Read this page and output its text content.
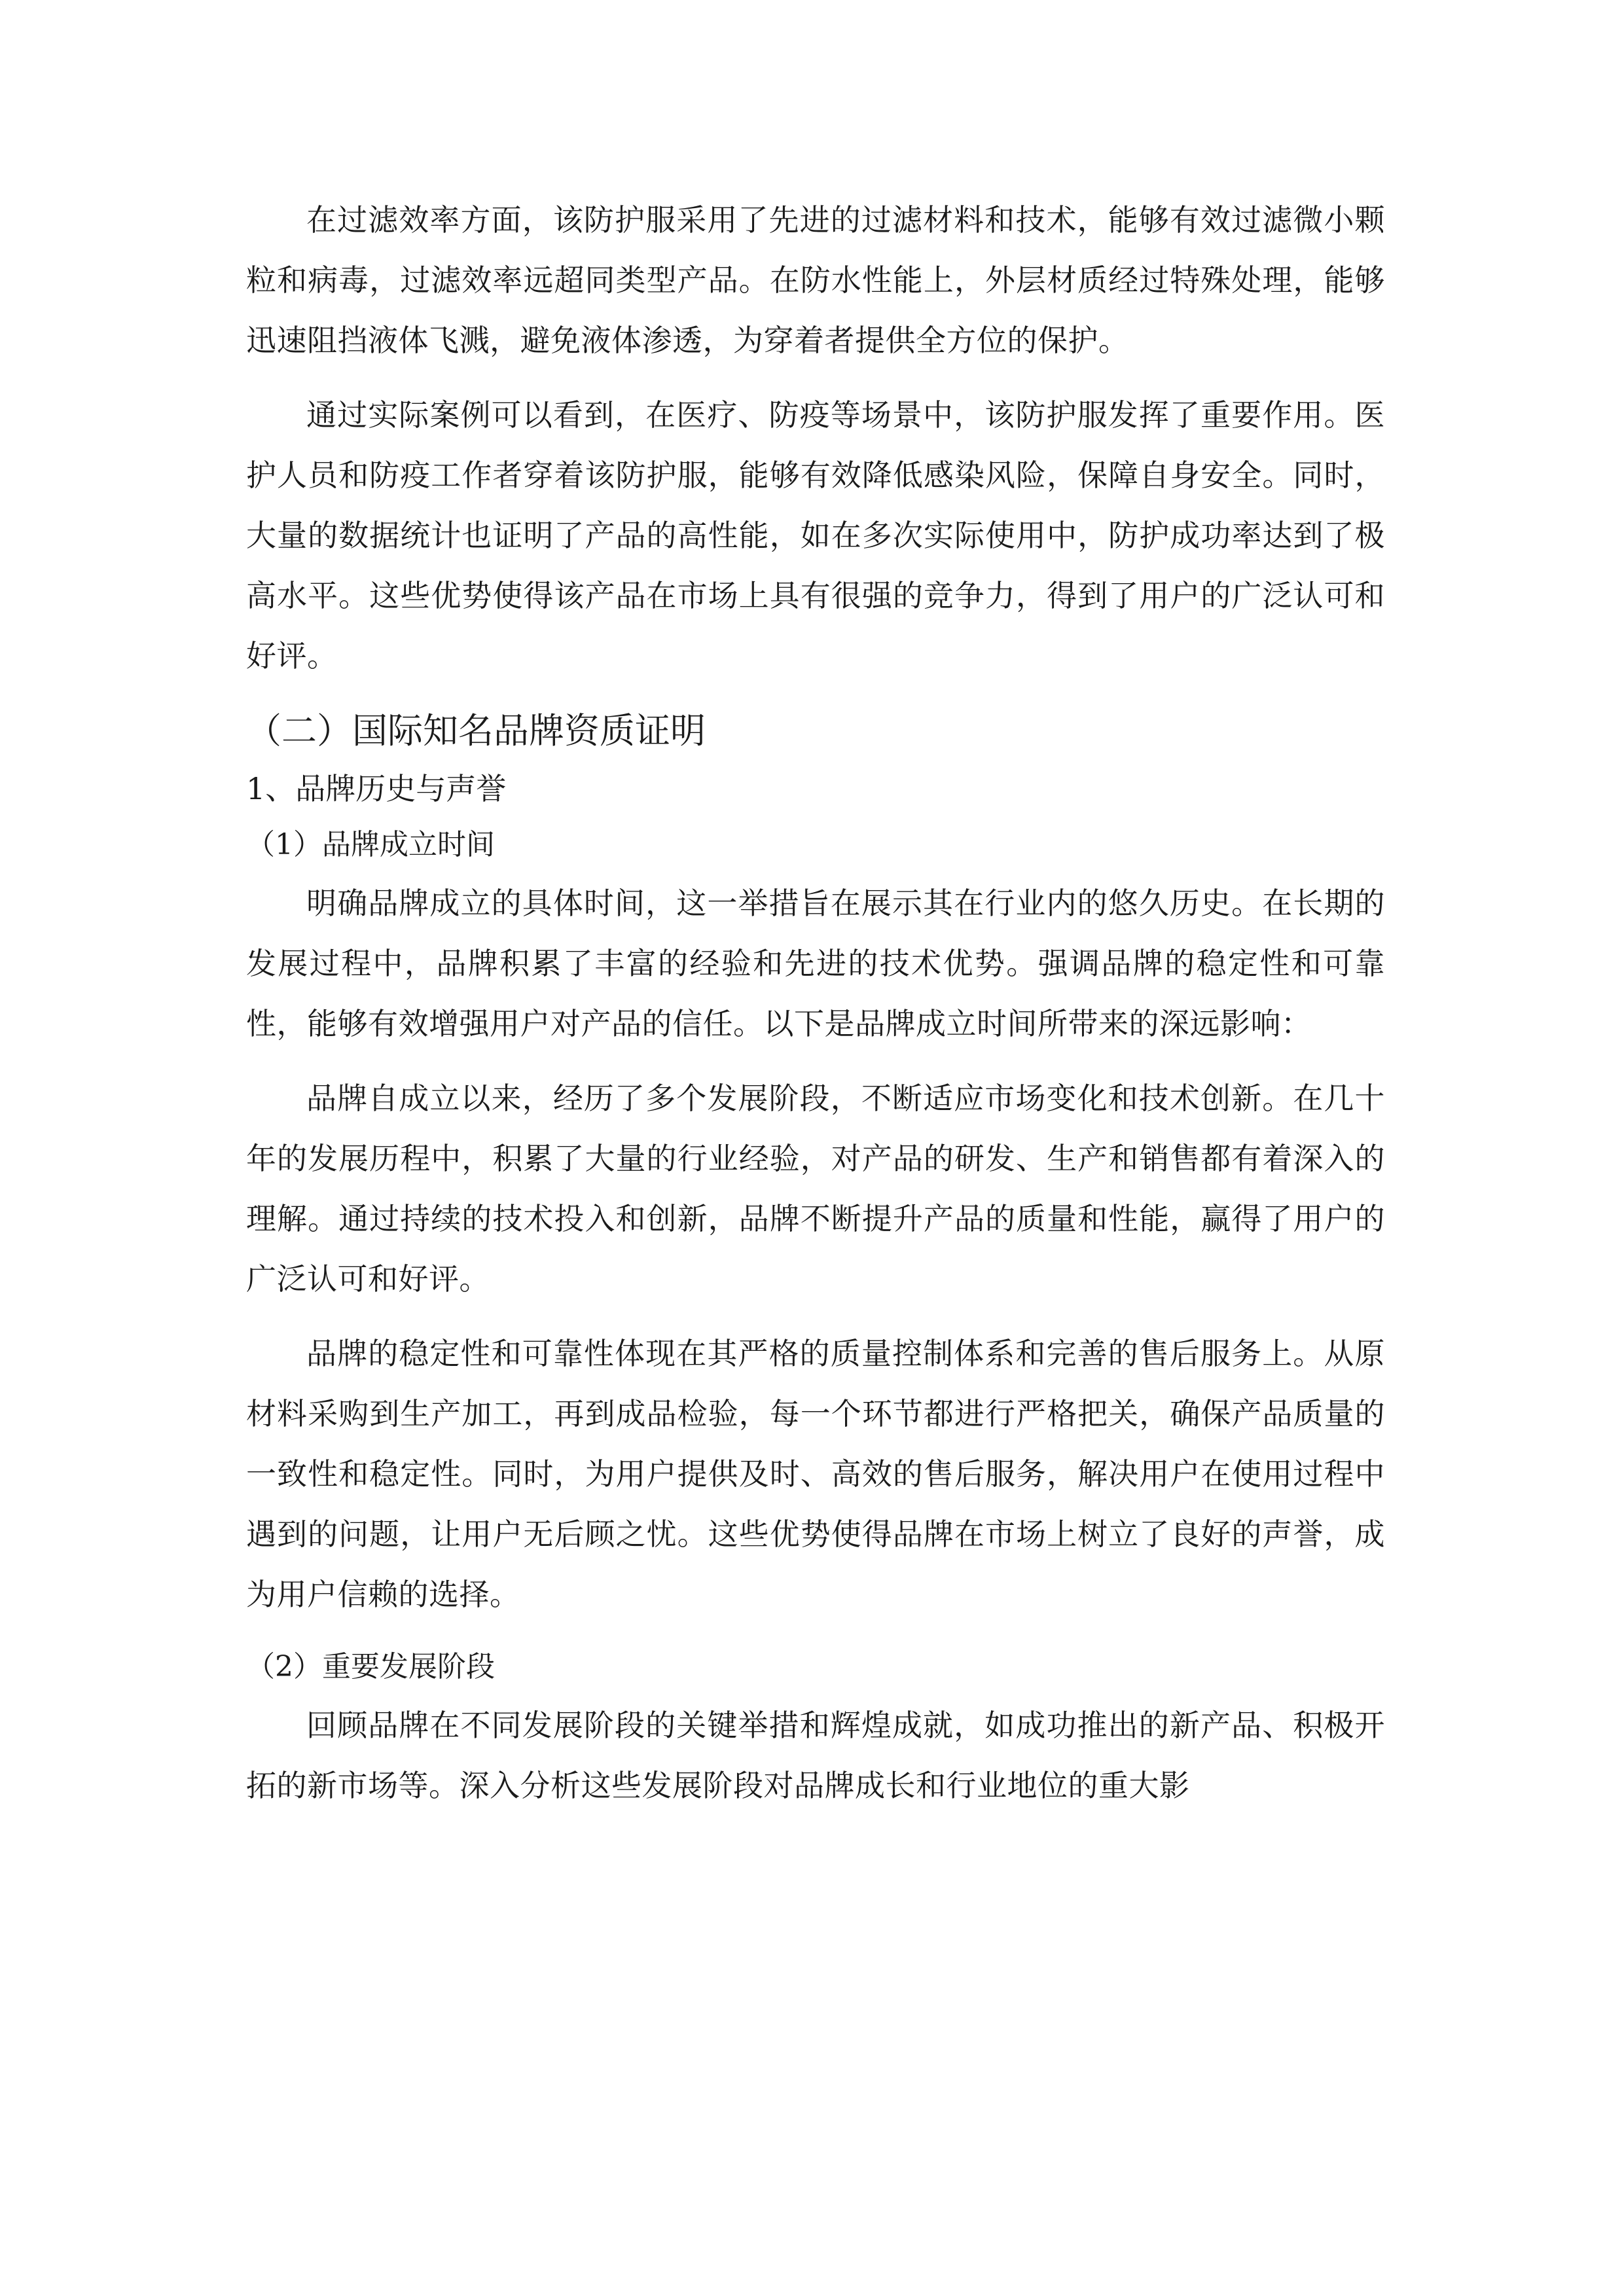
在过滤效率方面，该防护服采用了先进的过滤材料和技术，能够有效过滤微小颗粒和病毒，过滤效率远超同类型产品。在防水性能上，外层材质经过特殊处理，能够迅速阻挡液体飞溅，避免液体渗透，为穿着者提供全方位的保护。

通过实际案例可以看到，在医疗、防疫等场景中，该防护服发挥了重要作用。医护人员和防疫工作者穿着该防护服，能够有效降低感染风险，保障自身安全。同时，大量的数据统计也证明了产品的高性能，如在多次实际使用中，防护成功率达到了极高水平。这些优势使得该产品在市场上具有很强的竞争力，得到了用户的广泛认可和好评。

（二）国际知名品牌资质证明
1、品牌历史与声誉
（1）品牌成立时间

明确品牌成立的具体时间，这一举措旨在展示其在行业内的悠久历史。在长期的发展过程中，品牌积累了丰富的经验和先进的技术优势。强调品牌的稳定性和可靠性，能够有效增强用户对产品的信任。以下是品牌成立时间所带来的深远影响：

品牌自成立以来，经历了多个发展阶段，不断适应市场变化和技术创新。在几十年的发展历程中，积累了大量的行业经验，对产品的研发、生产和销售都有着深入的理解。通过持续的技术投入和创新，品牌不断提升产品的质量和性能，赢得了用户的广泛认可和好评。

品牌的稳定性和可靠性体现在其严格的质量控制体系和完善的售后服务上。从原材料采购到生产加工，再到成品检验，每一个环节都进行严格把关，确保产品质量的一致性和稳定性。同时，为用户提供及时、高效的售后服务，解决用户在使用过程中遇到的问题，让用户无后顾之忧。这些优势使得品牌在市场上树立了良好的声誉，成为用户信赖的选择。

（2）重要发展阶段

回顾品牌在不同发展阶段的关键举措和辉煌成就，如成功推出的新产品、积极开拓的新市场等。深入分析这些发展阶段对品牌成长和行业地位的重大影
